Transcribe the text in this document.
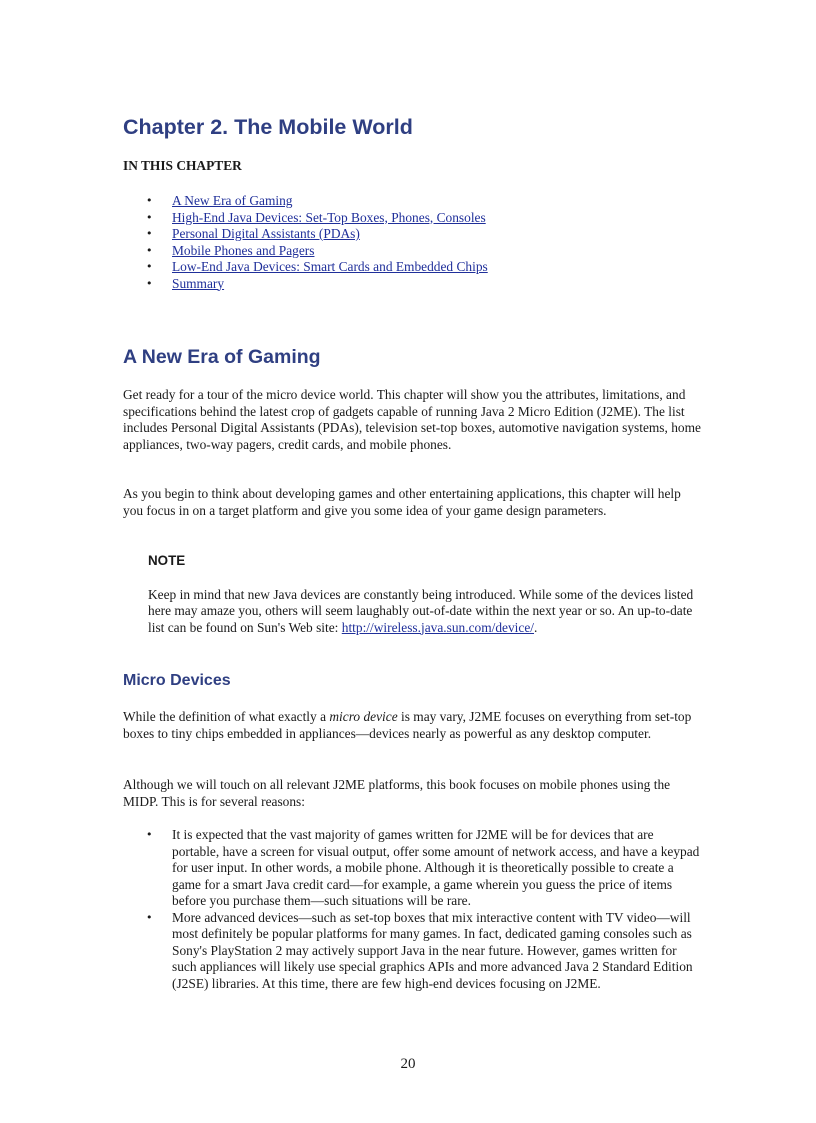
Chapter 2. The Mobile World
IN THIS CHAPTER
• A New Era of Gaming
• High-End Java Devices: Set-Top Boxes, Phones, Consoles
• Personal Digital Assistants (PDAs)
• Mobile Phones and Pagers
• Low-End Java Devices: Smart Cards and Embedded Chips
• Summary
A New Era of Gaming

Get ready for a tour of the micro device world. This chapter will show you the attributes, limitations, and specifications behind the latest crop of gadgets capable of running Java 2 Micro Edition (J2ME). The list includes Personal Digital Assistants (PDAs), television set-top boxes, automotive navigation systems, home appliances, two-way pagers, credit cards, and mobile phones.

As you begin to think about developing games and other entertaining applications, this chapter will help you focus in on a target platform and give you some idea of your game design parameters.

NOTE

Keep in mind that new Java devices are constantly being introduced. While some of the devices listed here may amaze you, others will seem laughably out-of-date within the next year or so. An up-to-date list can be found on Sun's Web site: http://wireless.java.sun.com/device/.

Micro Devices

While the definition of what exactly a micro device is may vary, J2ME focuses on everything from set-top boxes to tiny chips embedded in appliances—devices nearly as powerful as any desktop computer.

Although we will touch on all relevant J2ME platforms, this book focuses on mobile phones using the MIDP. This is for several reasons:

• It is expected that the vast majority of games written for J2ME will be for devices that are portable, have a screen for visual output, offer some amount of network access, and have a keypad for user input. In other words, a mobile phone. Although it is theoretically possible to create a game for a smart Java credit card—for example, a game wherein you guess the price of items before you purchase them—such situations will be rare.
• More advanced devices—such as set-top boxes that mix interactive content with TV video—will most definitely be popular platforms for many games. In fact, dedicated gaming consoles such as Sony's PlayStation 2 may actively support Java in the near future. However, games written for such appliances will likely use special graphics APIs and more advanced Java 2 Standard Edition (J2SE) libraries. At this time, there are few high-end devices focusing on J2ME.
20
